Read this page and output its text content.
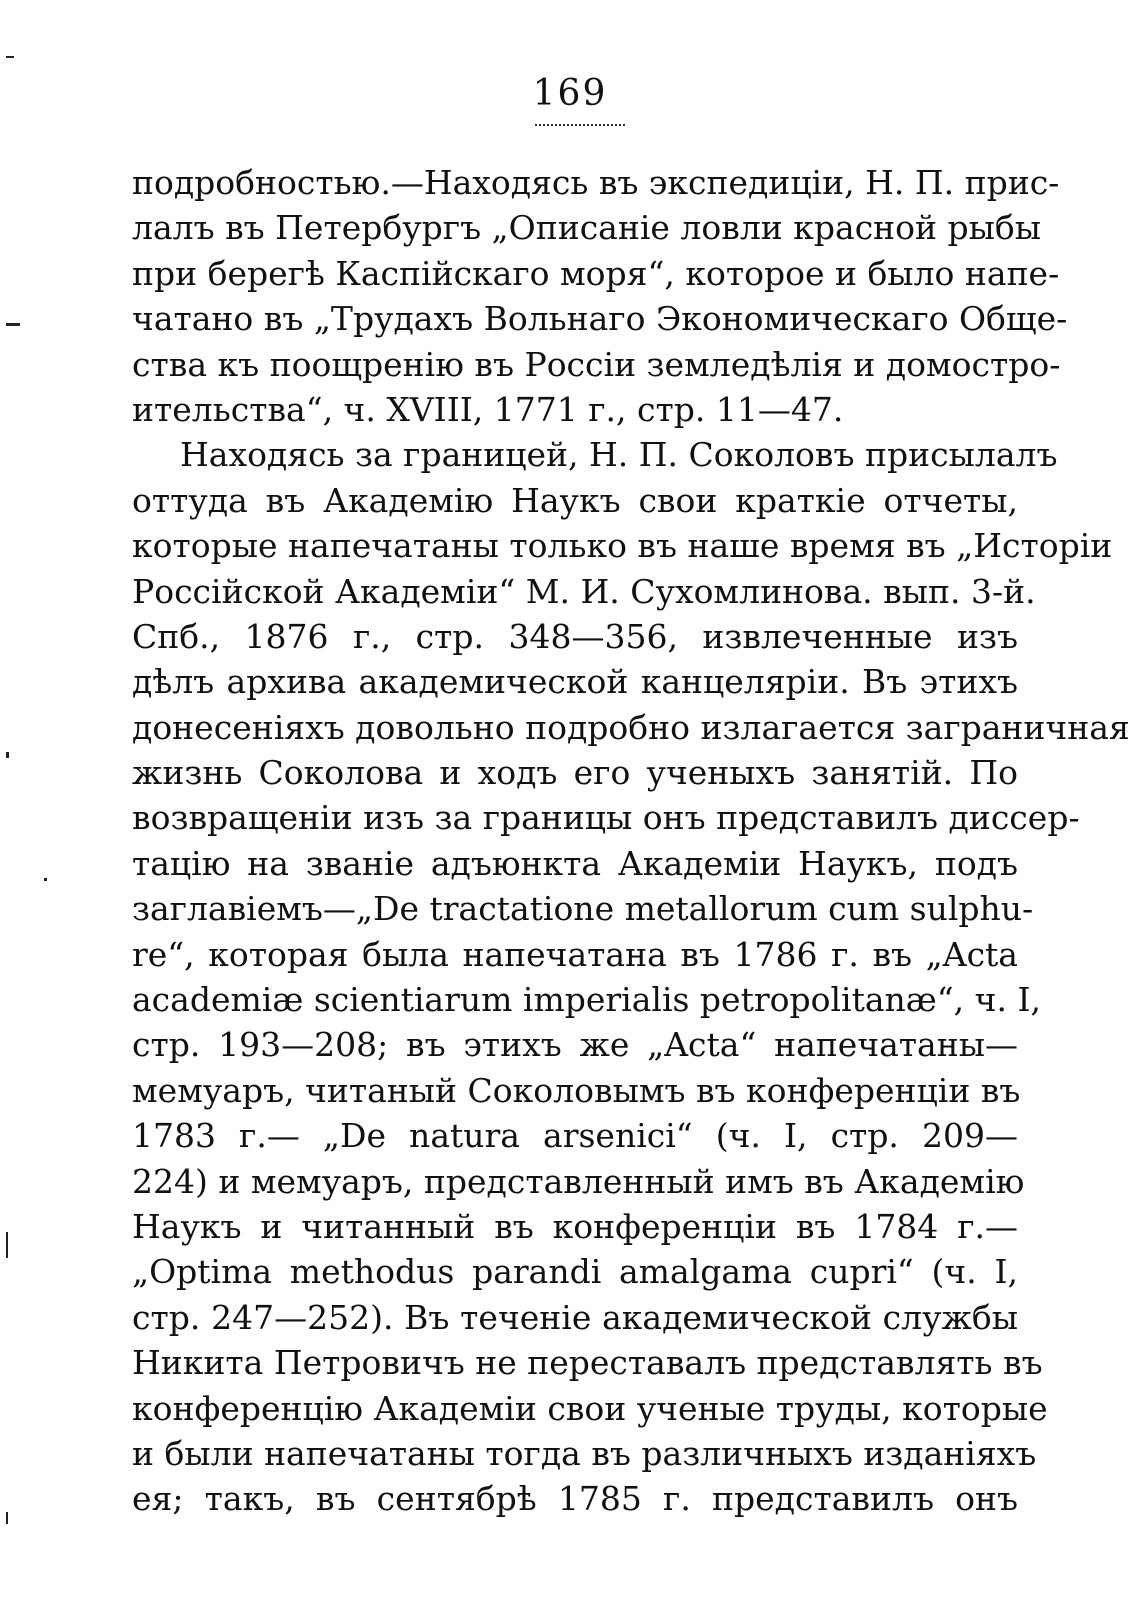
169
подробностью.—Находясь въ экспедиціи, Н. П. прис-
лалъ въ Петербургъ „Описаніе ловли красной рыбы
при берегѣ Каспійскаго моря“, которое и было напе-
чатано въ „Трудахъ Вольнаго Экономическаго Обще-
ства къ поощренію въ Россіи земледѣлія и домостро-
ительства“, ч. XVIII, 1771 г., стр. 11—47.
Находясь за границей, Н. П. Соколовъ присылалъ
оттуда въ Академію Наукъ свои краткіе отчеты,
которые напечатаны только въ наше время въ „Исторіи
Россійской Академіи“ М. И. Сухомлинова. вып. 3-й.
Спб., 1876 г., стр. 348—356, извлеченные изъ
дѣлъ архива академической канцеляріи. Въ этихъ
донесеніяхъ довольно подробно излагается заграничная
жизнь Соколова и ходъ его ученыхъ занятій. По
возвращеніи изъ за границы онъ представилъ диссер-
тацію на званіе адъюнкта Академіи Наукъ, подъ
заглавіемъ—„De tractatione metallorum cum sulphu-
re“, которая была напечатана въ 1786 г. въ „Acta
academiæ scientiarum imperialis petropolitanæ“, ч. I,
стр. 193—208; въ этихъ же „Acta“ напечатаны—
мемуаръ, читаный Соколовымъ въ конференціи въ
1783 г.— „De natura arsenici“ (ч. I, стр. 209—
224) и мемуаръ, представленный имъ въ Академію
Наукъ и читанный въ конференціи въ 1784 г.—
„Optima methodus parandi amalgama cupri“ (ч. I,
стр. 247—252). Въ теченіе академической службы
Никита Петровичъ не переставалъ представлять въ
конференцію Академіи свои ученые труды, которые
и были напечатаны тогда въ различныхъ изданіяхъ
ея; такъ, въ сентябрѣ 1785 г. представилъ онъ
